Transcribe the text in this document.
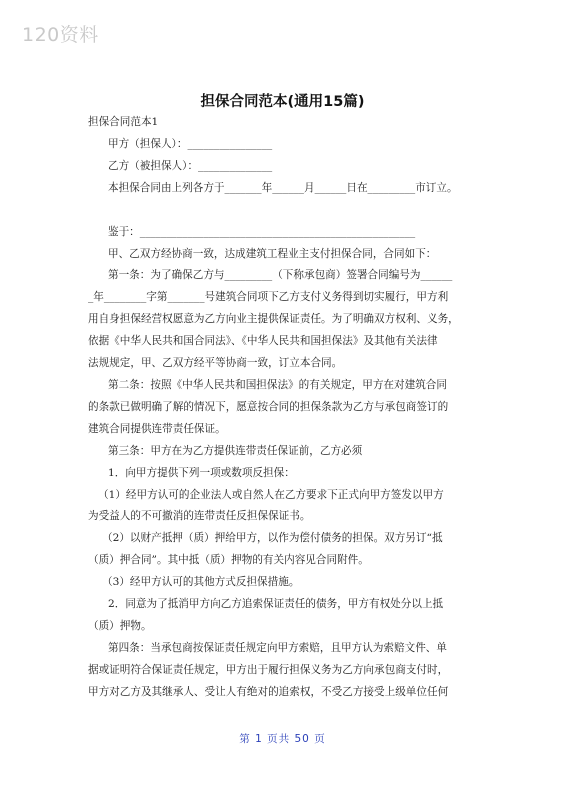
120资料
担保合同范本(通用15篇)
担保合同范本1
甲方（担保人）：________________
乙方（被担保人）：______________
本担保合同由上列各方于_______年______月______日在_________市订立。
鉴于：____________________________________________________
甲、乙双方经协商一致，达成建筑工程业主支付担保合同，合同如下：
第一条：为了确保乙方与_________（下称承包商）签署合同编号为______
_年________字第_______号建筑合同项下乙方支付义务得到切实履行，甲方利
用自身担保经营权愿意为乙方向业主提供保证责任。为了明确双方权利、义务，
依据《中华人民共和国合同法》、《中华人民共和国担保法》及其他有关法律
法规规定，甲、乙双方经平等协商一致，订立本合同。
第二条：按照《中华人民共和国担保法》的有关规定，甲方在对建筑合同
的条款已做明确了解的情况下，愿意按合同的担保条款为乙方与承包商签订的
建筑合同提供连带责任保证。
第三条：甲方在为乙方提供连带责任保证前，乙方必须
1．向甲方提供下列一项或数项反担保：
（1）经甲方认可的企业法人或自然人在乙方要求下正式向甲方签发以甲方
为受益人的不可撤消的连带责任反担保保证书。
（2）以财产抵押（质）押给甲方，以作为偿付债务的担保。双方另订“抵
（质）押合同”。其中抵（质）押物的有关内容见合同附件。
（3）经甲方认可的其他方式反担保措施。
2．同意为了抵消甲方向乙方追索保证责任的债务，甲方有权处分以上抵
（质）押物。
第四条：当承包商按保证责任规定向甲方索赔，且甲方认为索赔文件、单
据或证明符合保证责任规定，甲方出于履行担保义务为乙方向承包商支付时，
甲方对乙方及其继承人、受让人有绝对的追索权，不受乙方接受上级单位任何
第 1 页共 50 页
